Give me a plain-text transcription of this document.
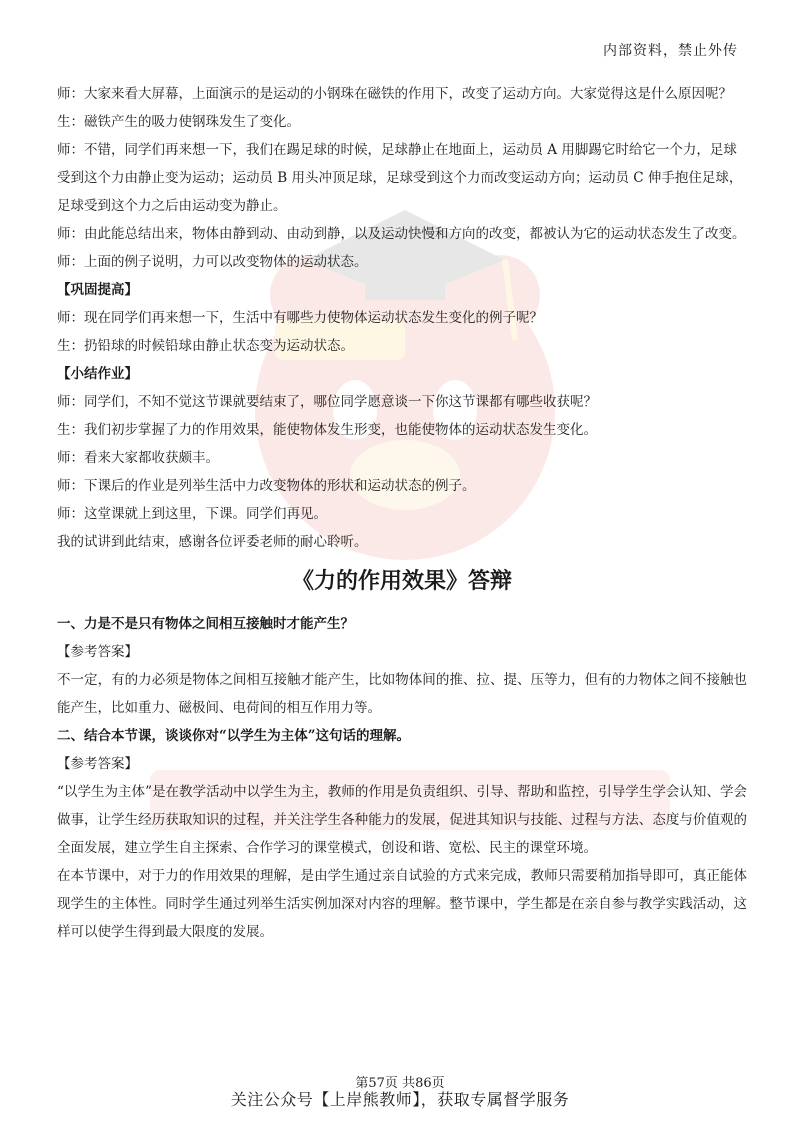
内部资料，禁止外传

师：大家来看大屏幕，上面演示的是运动的小钢珠在磁铁的作用下，改变了运动方向。大家觉得这是什么原因呢？

生：磁铁产生的吸力使钢珠发生了变化。

师：不错，同学们再来想一下，我们在踢足球的时候，足球静止在地面上，运动员 A 用脚踢它时给它一个力，足球受到这个力由静止变为运动；运动员 B 用头冲顶足球，足球受到这个力而改变运动方向；运动员 C 伸手抱住足球，足球受到这个力之后由运动变为静止。

师：由此能总结出来，物体由静到动、由动到静，以及运动快慢和方向的改变，都被认为它的运动状态发生了改变。

师：上面的例子说明，力可以改变物体的运动状态。

【巩固提高】

师：现在同学们再来想一下，生活中有哪些力使物体运动状态发生变化的例子呢？

生：扔铅球的时候铅球由静止状态变为运动状态。

【小结作业】

师：同学们，不知不觉这节课就要结束了，哪位同学愿意谈一下你这节课都有哪些收获呢？

生：我们初步掌握了力的作用效果，能使物体发生形变，也能使物体的运动状态发生变化。

师：看来大家都收获颇丰。

师：下课后的作业是列举生活中力改变物体的形状和运动状态的例子。

师：这堂课就上到这里，下课。同学们再见。

我的试讲到此结束，感谢各位评委老师的耐心聆听。

《力的作用效果》答辩

一、力是不是只有物体之间相互接触时才能产生？

【参考答案】

不一定，有的力必须是物体之间相互接触才能产生，比如物体间的推、拉、提、压等力，但有的力物体之间不接触也能产生，比如重力、磁极间、电荷间的相互作用力等。

二、结合本节课，谈谈你对“以学生为主体”这句话的理解。

【参考答案】

“以学生为主体”是在教学活动中以学生为主，教师的作用是负责组织、引导、帮助和监控，引导学生学会认知、学会做事，让学生经历获取知识的过程，并关注学生各种能力的发展，促进其知识与技能、过程与方法、态度与价值观的全面发展，建立学生自主探索、合作学习的课堂模式，创设和谐、宽松、民主的课堂环境。

在本节课中，对于力的作用效果的理解，是由学生通过亲自试验的方式来完成，教师只需要稍加指导即可，真正能体现学生的主体性。同时学生通过列举生活实例加深对内容的理解。整节课中，学生都是在亲自参与教学实践活动，这样可以使学生得到最大限度的发展。

第57页 共86页
关注公众号【上岸熊教师】，获取专属督学服务
